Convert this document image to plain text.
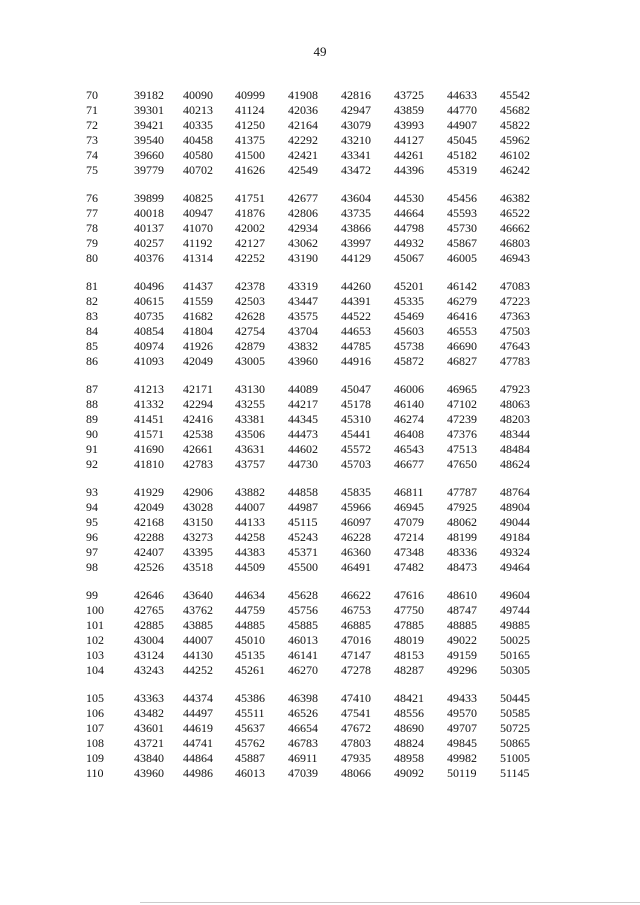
49
70	39182	40090	40999	41908	42816	43725	44633	45542
71	39301	40213	41124	42036	42947	43859	44770	45682
72	39421	40335	41250	42164	43079	43993	44907	45822
73	39540	40458	41375	42292	43210	44127	45045	45962
74	39660	40580	41500	42421	43341	44261	45182	46102
75	39779	40702	41626	42549	43472	44396	45319	46242

76	39899	40825	41751	42677	43604	44530	45456	46382
77	40018	40947	41876	42806	43735	44664	45593	46522
78	40137	41070	42002	42934	43866	44798	45730	46662
79	40257	41192	42127	43062	43997	44932	45867	46803
80	40376	41314	42252	43190	44129	45067	46005	46943

81	40496	41437	42378	43319	44260	45201	46142	47083
82	40615	41559	42503	43447	44391	45335	46279	47223
83	40735	41682	42628	43575	44522	45469	46416	47363
84	40854	41804	42754	43704	44653	45603	46553	47503
85	40974	41926	42879	43832	44785	45738	46690	47643
86	41093	42049	43005	43960	44916	45872	46827	47783

87	41213	42171	43130	44089	45047	46006	46965	47923
88	41332	42294	43255	44217	45178	46140	47102	48063
89	41451	42416	43381	44345	45310	46274	47239	48203
90	41571	42538	43506	44473	45441	46408	47376	48344
91	41690	42661	43631	44602	45572	46543	47513	48484
92	41810	42783	43757	44730	45703	46677	47650	48624

93	41929	42906	43882	44858	45835	46811	47787	48764
94	42049	43028	44007	44987	45966	46945	47925	48904
95	42168	43150	44133	45115	46097	47079	48062	49044
96	42288	43273	44258	45243	46228	47214	48199	49184
97	42407	43395	44383	45371	46360	47348	48336	49324
98	42526	43518	44509	45500	46491	47482	48473	49464

99	42646	43640	44634	45628	46622	47616	48610	49604
100	42765	43762	44759	45756	46753	47750	48747	49744
101	42885	43885	44885	45885	46885	47885	48885	49885
102	43004	44007	45010	46013	47016	48019	49022	50025
103	43124	44130	45135	46141	47147	48153	49159	50165
104	43243	44252	45261	46270	47278	48287	49296	50305

105	43363	44374	45386	46398	47410	48421	49433	50445
106	43482	44497	45511	46526	47541	48556	49570	50585
107	43601	44619	45637	46654	47672	48690	49707	50725
108	43721	44741	45762	46783	47803	48824	49845	50865
109	43840	44864	45887	46911	47935	48958	49982	51005
110	43960	44986	46013	47039	48066	49092	50119	51145
